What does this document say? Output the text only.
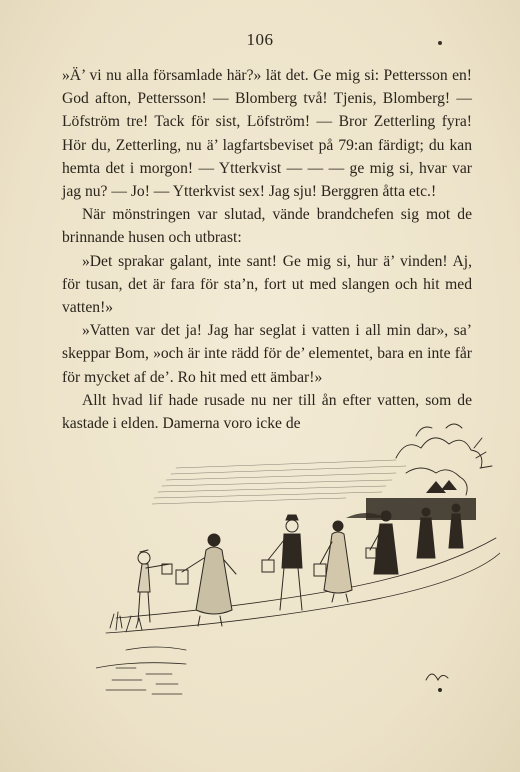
106

»Ä’ vi nu alla församlade här?» lät det. Ge mig si: Pettersson en! God afton, Pettersson! — Blomberg två! Tjenis, Blomberg! — Löfström tre! Tack för sist, Löfström! — Bror Zetterling fyra! Hör du, Zetterling, nu ä’ lagfartsbeviset på 79:an färdigt; du kan hemta det i morgon! — Ytterkvist — — — ge mig si, hvar var jag nu? — Jo! — Ytterkvist sex! Jag sju! Berggren åtta etc.!

När mönstringen var slutad, vände brandchefen sig mot de brinnande husen och utbrast:

»Det sprakar galant, inte sant! Ge mig si, hur ä’ vinden! Aj, för tusan, det är fara för sta’n, fort ut med slangen och hit med vatten!»

»Vatten var det ja! Jag har seglat i vatten i all min dar», sa’ skeppar Bom, »och är inte rädd för de’ elementet, bara en inte får för mycket af de’. Ro hit med ett ämbar!»

Allt hvad lif hade rusade nu ner till ån efter vatten, som de kastade i elden. Damerna voro icke de
